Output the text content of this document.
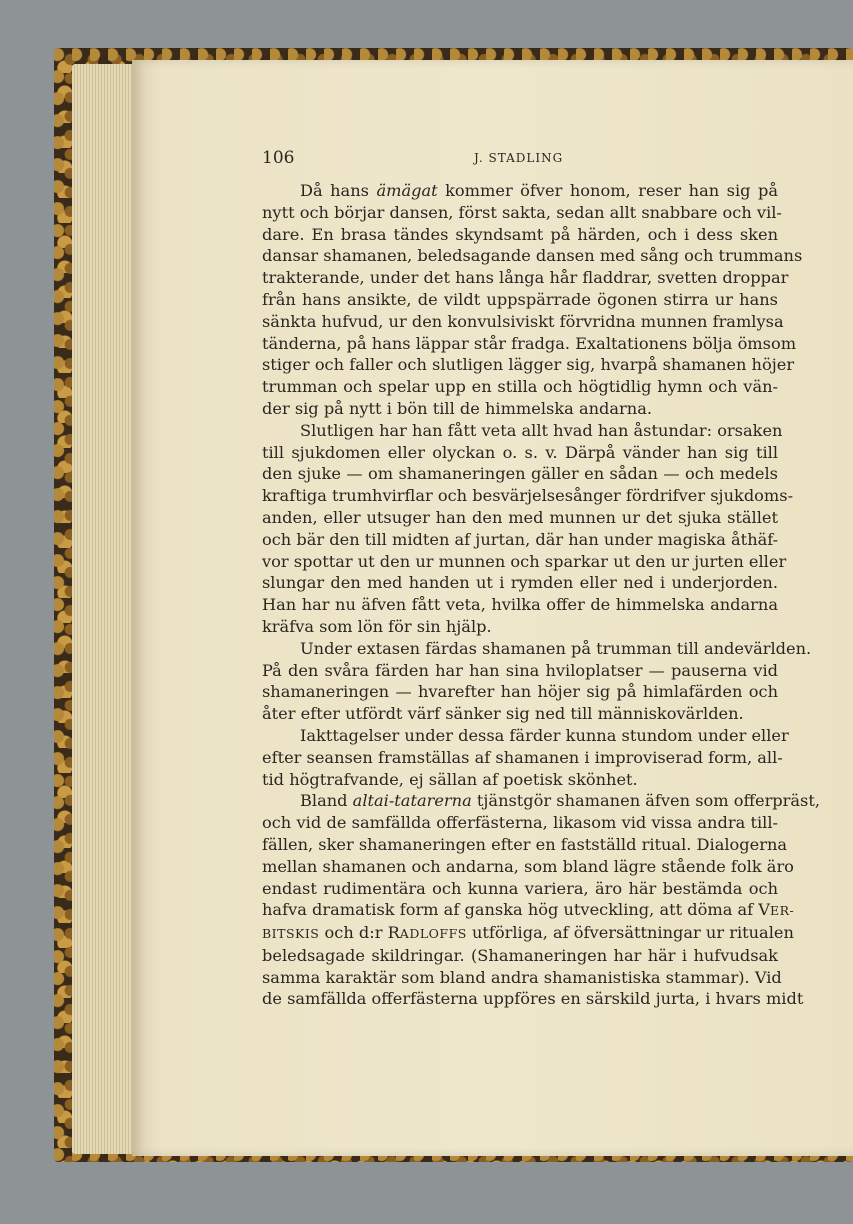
106	J. STADLING
Då hans ämägat kommer öfver honom, reser han sig på
nytt och börjar dansen, först sakta, sedan allt snabbare och vil-
dare. En brasa tändes skyndsamt på härden, och i dess sken
dansar shamanen, beledsagande dansen med sång och trummans
trakterande, under det hans långa hår fladdrar, svetten droppar
från hans ansikte, de vildt uppspärrade ögonen stirra ur hans
sänkta hufvud, ur den konvulsiviskt förvridna munnen framlysa
tänderna, på hans läppar står fradga. Exaltationens bölja ömsom
stiger och faller och slutligen lägger sig, hvarpå shamanen höjer
trumman och spelar upp en stilla och högtidlig hymn och vän-
der sig på nytt i bön till de himmelska andarna.
Slutligen har han fått veta allt hvad han åstundar: orsaken
till sjukdomen eller olyckan o. s. v. Därpå vänder han sig till
den sjuke — om shamaneringen gäller en sådan — och medels
kraftiga trumhvirflar och besvärjelsesånger fördrifver sjukdoms-
anden, eller utsuger han den med munnen ur det sjuka stället
och bär den till midten af jurtan, där han under magiska åthäf-
vor spottar ut den ur munnen och sparkar ut den ur jurten eller
slungar den med handen ut i rymden eller ned i underjorden.
Han har nu äfven fått veta, hvilka offer de himmelska andarna
kräfva som lön för sin hjälp.
Under extasen färdas shamanen på trumman till andevärlden.
På den svåra färden har han sina hviloplatser — pauserna vid
shamaneringen — hvarefter han höjer sig på himlafärden och
åter efter utfördt värf sänker sig ned till människovärlden.
Iakttagelser under dessa färder kunna stundom under eller
efter seansen framställas af shamanen i improviserad form, all-
tid högtrafvande, ej sällan af poetisk skönhet.
Bland altai-tatarerna tjänstgör shamanen äfven som offerpräst,
och vid de samfällda offerfästerna, likasom vid vissa andra till-
fällen, sker shamaneringen efter en fastställd ritual. Dialogerna
mellan shamanen och andarna, som bland lägre stående folk äro
endast rudimentära och kunna variera, äro här bestämda och
hafva dramatisk form af ganska hög utveckling, att döma af VER-
BITSKIS och d:r RADLOFFS utförliga, af öfversättningar ur ritualen
beledsagade skildringar. (Shamaneringen har här i hufvudsak
samma karaktär som bland andra shamanistiska stammar). Vid
de samfällda offerfästerna uppföres en särskild jurta, i hvars midt
